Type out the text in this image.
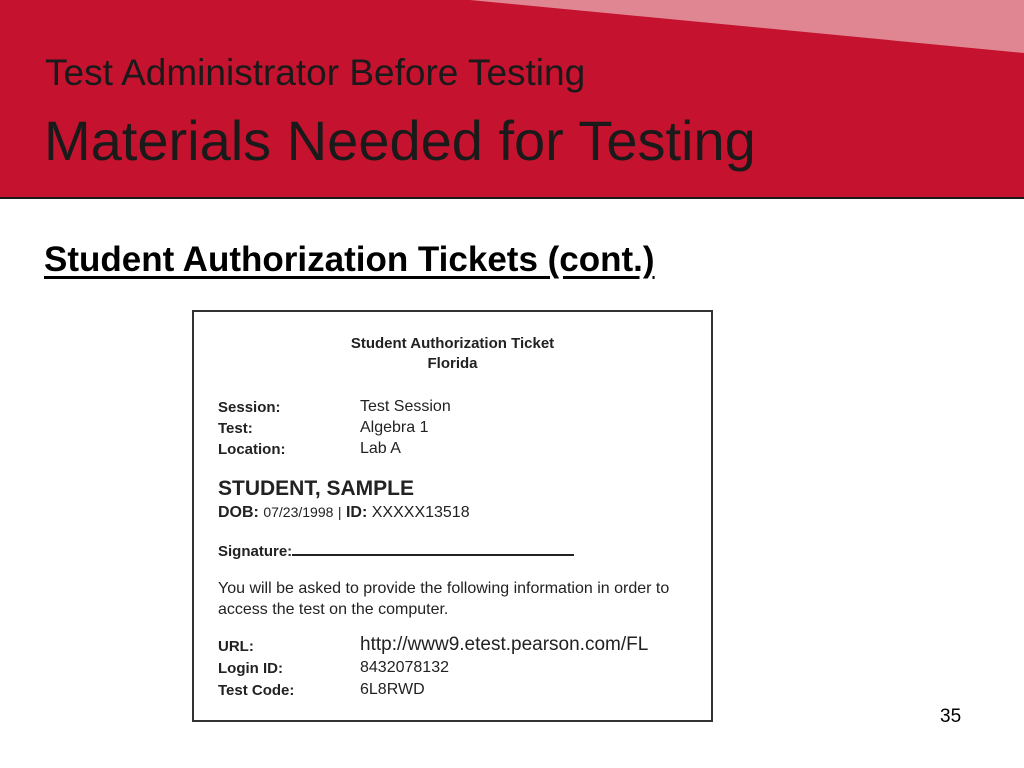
Test Administrator Before Testing
Materials Needed for Testing
Student Authorization Tickets (cont.)
Student Authorization Ticket
Florida
Session:	Test Session
Test:	Algebra 1
Location:	Lab A
STUDENT, SAMPLE
DOB: 07/23/1998 | ID: XXXXX13518
Signature:
You will be asked to provide the following information in order to access the test on the computer.
URL:	http://www9.etest.pearson.com/FL
Login ID:	8432078132
Test Code:	6L8RWD
35
